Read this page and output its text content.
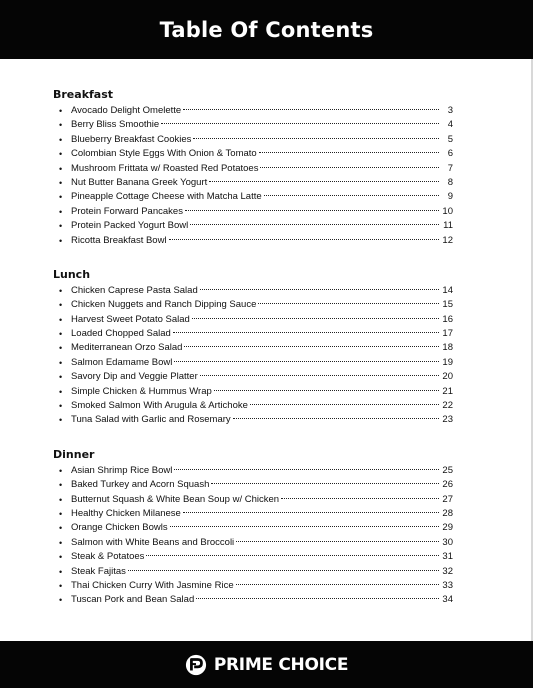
Table Of Contents
Breakfast
• Avocado Delight Omelette	3
• Berry Bliss Smoothie	4
• Blueberry Breakfast Cookies	5
• Colombian Style Eggs With Onion & Tomato	6
• Mushroom Frittata w/ Roasted Red Potatoes	7
• Nut Butter Banana Greek Yogurt	8
• Pineapple Cottage Cheese with Matcha Latte	9
• Protein Forward Pancakes	10
• Protein Packed Yogurt Bowl	11
• Ricotta Breakfast Bowl	12
Lunch
• Chicken Caprese Pasta Salad	14
• Chicken Nuggets and Ranch Dipping Sauce	15
• Harvest Sweet Potato Salad	16
• Loaded Chopped Salad	17
• Mediterranean Orzo Salad	18
• Salmon Edamame Bowl	19
• Savory Dip and Veggie Platter	20
• Simple Chicken & Hummus Wrap	21
• Smoked Salmon With Arugula & Artichoke	22
• Tuna Salad with Garlic and Rosemary	23
Dinner
• Asian Shrimp Rice Bowl	25
• Baked Turkey and Acorn Squash	26
• Butternut Squash & White Bean Soup w/ Chicken	27
• Healthy Chicken Milanese	28
• Orange Chicken Bowls	29
• Salmon with White Beans and Broccoli	30
• Steak & Potatoes	31
• Steak Fajitas	32
• Thai Chicken Curry With Jasmine Rice	33
• Tuscan Pork and Bean Salad	34
PRIME CHOICE
